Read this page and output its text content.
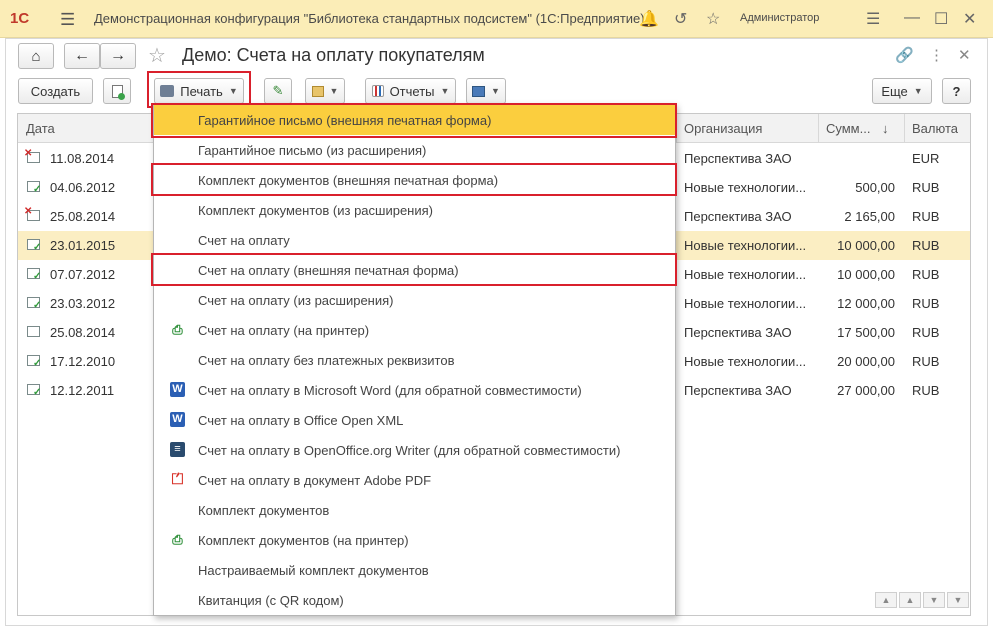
1С ☰ Демонстрационная конфигурация "Библиотека стандартных подсистем" (1С:Предприятие)
🔔 ↺ ☆ Администратор	☰ — ☐ ✕
⌂ ← → ☆ Демо: Счета на оплату покупателям	🔗 ⋮ ✕
Создать	Печать ▼	✎	▼	Отчеты ▼	▼	Еще ▼ ?
Дата	Организация	Сумм... ↓ Валюта
✕ 11.08.2014	Перспектива ЗАО	EUR
✓ 04.06.2012	Новые технологии...	500,00 RUB
✕ 25.08.2014	Перспектива ЗАО	2 165,00 RUB
✓ 23.01.2015	Новые технологии... 10 000,00 RUB
✓ 07.07.2012	Новые технологии... 10 000,00 RUB
✓ 23.03.2012	Новые технологии... 12 000,00 RUB
25.08.2014	Перспектива ЗАО	17 500,00 RUB
✓ 17.12.2010	Новые технологии... 20 000,00 RUB
✓ 12.12.2011	Перспектива ЗАО	27 000,00 RUB
▲	▲	▼	▼
Гарантийное письмо (внешняя печатная форма)
Гарантийное письмо (из расширения)
Комплект документов (внешняя печатная форма)
Комплект документов (из расширения)
Счет на оплату
Счет на оплату (внешняя печатная форма)
Счет на оплату (из расширения)
⎙ Счет на оплату (на принтер)
Счет на оплату без платежных реквизитов
W Счет на оплату в Microsoft Word (для обратной совместимости)
W Счет на оплату в Office Open XML
≡	Счет на оплату в OpenOffice.org Writer (для обратной совместимости)
⏍ Счет на оплату в документ Adobe PDF
Комплект документов
⎙ Комплект документов (на принтер)
Настраиваемый комплект документов
Квитанция (с QR кодом)
